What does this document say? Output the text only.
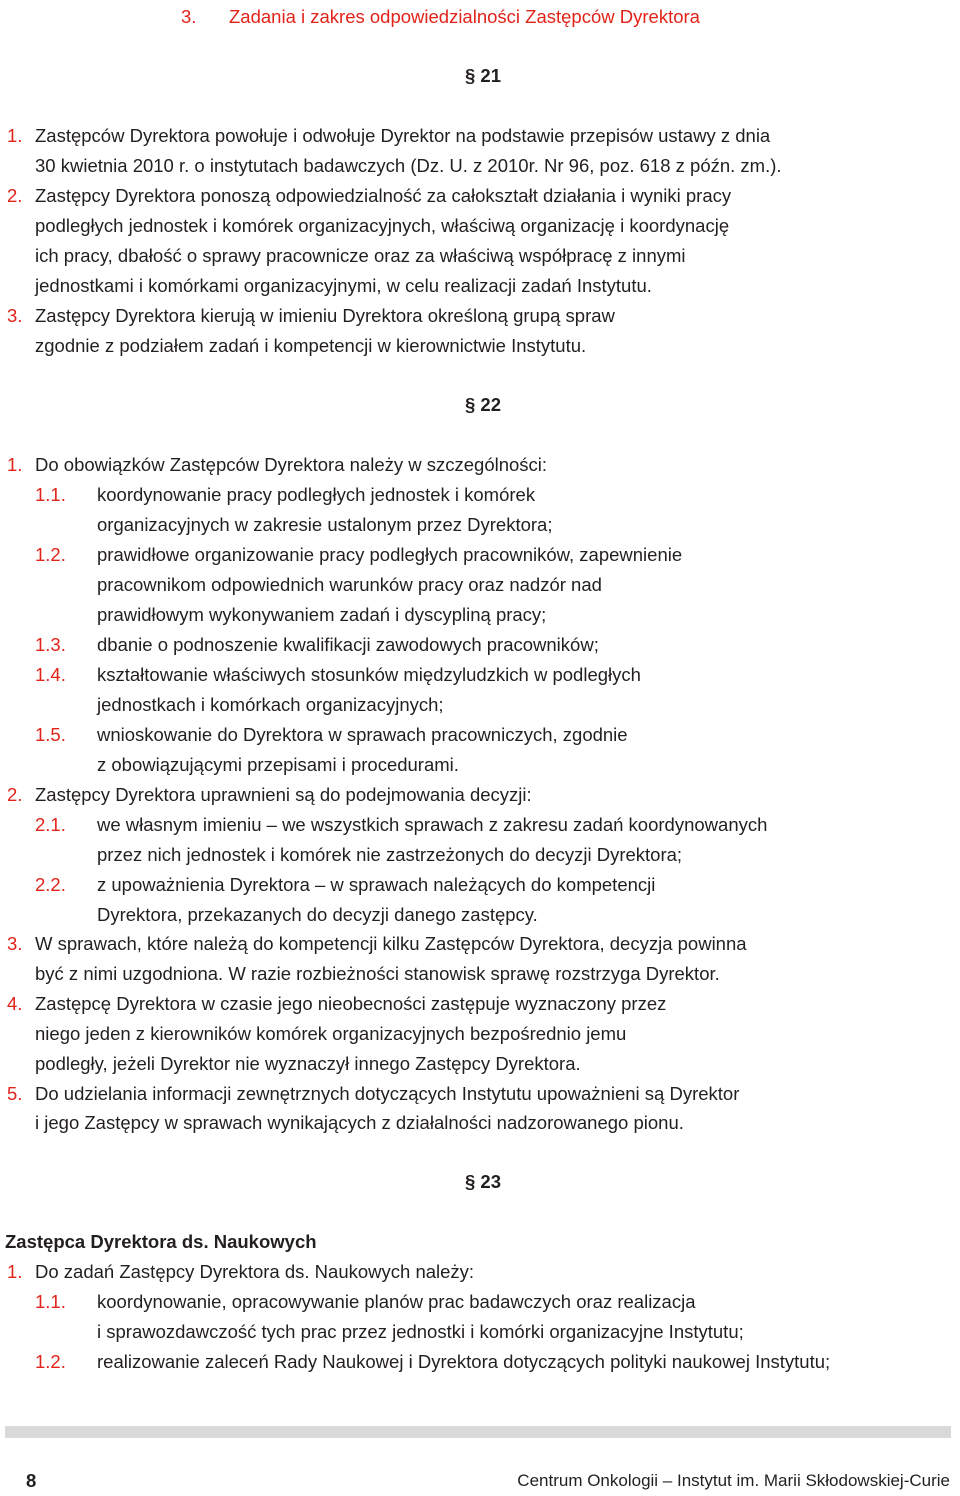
3. Zadania i zakres odpowiedzialności Zastępców Dyrektora
§ 21
1. Zastępców Dyrektora powołuje i odwołuje Dyrektor na podstawie przepisów ustawy z dnia
30 kwietnia 2010 r. o instytutach badawczych (Dz. U. z 2010r. Nr 96, poz. 618 z późn. zm.).
2. Zastępcy Dyrektora ponoszą odpowiedzialność za całokształt działania i wyniki pracy
podległych jednostek i komórek organizacyjnych, właściwą organizację i koordynację
ich pracy, dbałość o sprawy pracownicze oraz za właściwą współpracę z innymi
jednostkami i komórkami organizacyjnymi, w celu realizacji zadań Instytutu.
3. Zastępcy Dyrektora kierują w imieniu Dyrektora określoną grupą spraw
zgodnie z podziałem zadań i kompetencji w kierownictwie Instytutu.
§ 22
1. Do obowiązków Zastępców Dyrektora należy w szczególności:
1.1. koordynowanie pracy podległych jednostek i komórek
organizacyjnych w zakresie ustalonym przez Dyrektora;
1.2. prawidłowe organizowanie pracy podległych pracowników, zapewnienie
pracownikom odpowiednich warunków pracy oraz nadzór nad
prawidłowym wykonywaniem zadań i dyscypliną pracy;
1.3. dbanie o podnoszenie kwalifikacji zawodowych pracowników;
1.4. kształtowanie właściwych stosunków międzyludzkich w podległych
jednostkach i komórkach organizacyjnych;
1.5. wnioskowanie do Dyrektora w sprawach pracowniczych, zgodnie
z obowiązującymi przepisami i procedurami.
2. Zastępcy Dyrektora uprawnieni są do podejmowania decyzji:
2.1. we własnym imieniu – we wszystkich sprawach z zakresu zadań koordynowanych
przez nich jednostek i komórek nie zastrzeżonych do decyzji Dyrektora;
2.2. z upoważnienia Dyrektora – w sprawach należących do kompetencji
Dyrektora, przekazanych do decyzji danego zastępcy.
3. W sprawach, które należą do kompetencji kilku Zastępców Dyrektora, decyzja powinna
być z nimi uzgodniona. W razie rozbieżności stanowisk sprawę rozstrzyga Dyrektor.
4. Zastępcę Dyrektora w czasie jego nieobecności zastępuje wyznaczony przez
niego jeden z kierowników komórek organizacyjnych bezpośrednio jemu
podległy, jeżeli Dyrektor nie wyznaczył innego Zastępcy Dyrektora.
5. Do udzielania informacji zewnętrznych dotyczących Instytutu upoważnieni są Dyrektor
i jego Zastępcy w sprawach wynikających z działalności nadzorowanego pionu.
§ 23
Zastępca Dyrektora ds. Naukowych
1. Do zadań Zastępcy Dyrektora ds. Naukowych należy:
1.1. koordynowanie, opracowywanie planów prac badawczych oraz realizacja
i sprawozdawczość tych prac przez jednostki i komórki organizacyjne Instytutu;
1.2. realizowanie zaleceń Rady Naukowej i Dyrektora dotyczących polityki naukowej Instytutu;
8	Centrum Onkologii – Instytut im. Marii Skłodowskiej-Curie
